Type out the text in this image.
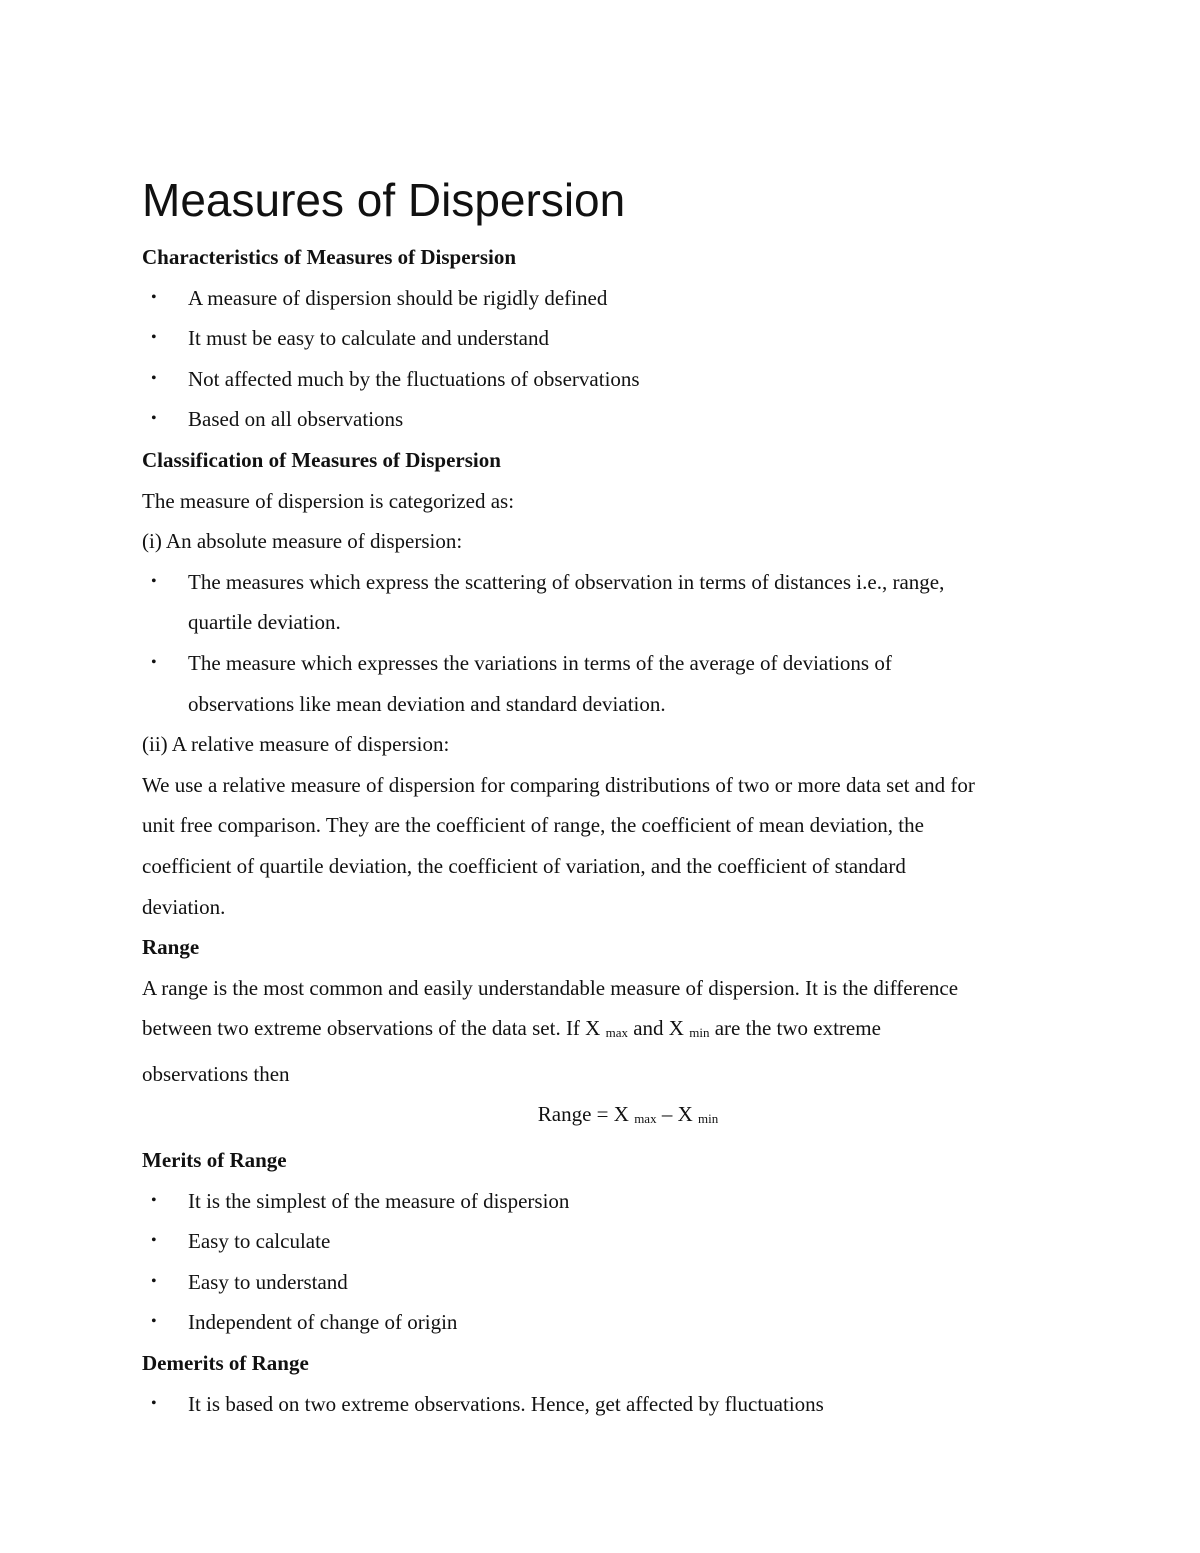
Measures of Dispersion

Characteristics of Measures of Dispersion

• A measure of dispersion should be rigidly defined
• It must be easy to calculate and understand
• Not affected much by the fluctuations of observations
• Based on all observations

Classification of Measures of Dispersion

The measure of dispersion is categorized as:

(i) An absolute measure of dispersion:

• The measures which express the scattering of observation in terms of distances i.e., range,
quartile deviation.
• The measure which expresses the variations in terms of the average of deviations of
observations like mean deviation and standard deviation.

(ii) A relative measure of dispersion:

We use a relative measure of dispersion for comparing distributions of two or more data set and for
unit free comparison. They are the coefficient of range, the coefficient of mean deviation, the
coefficient of quartile deviation, the coefficient of variation, and the coefficient of standard
deviation.

Range

A range is the most common and easily understandable measure of dispersion. It is the difference
between two extreme observations of the data set. If X max and X min are the two extreme
observations then
Range = X max – X min

Merits of Range

• It is the simplest of the measure of dispersion
• Easy to calculate
• Easy to understand
• Independent of change of origin

Demerits of Range

• It is based on two extreme observations. Hence, get affected by fluctuations
